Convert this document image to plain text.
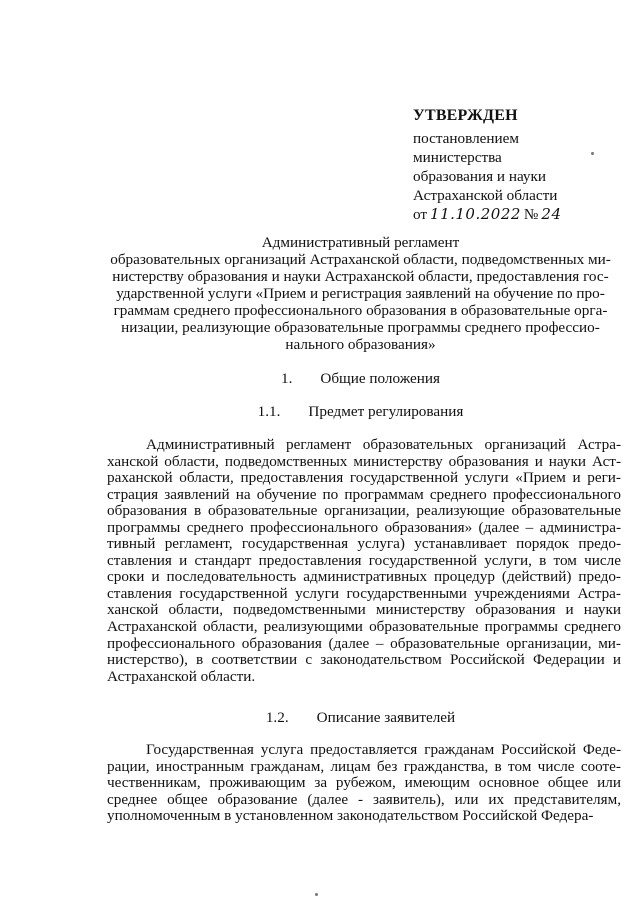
УТВЕРЖДЕН
постановлением
министерства
образования и науки
Астраханской области
от 11.10.2022 № 24
Административный регламент
образовательных организаций Астраханской области, подведомственных ми-
нистерству образования и науки Астраханской области, предоставления гос-
ударственной услуги «Прием и регистрация заявлений на обучение по про-
граммам среднего профессионального образования в образовательные орга-
низации, реализующие образовательные программы среднего профессио-
нального образования»
1. Общие положения
1.1. Предмет регулирования
Административный регламент образовательных организаций Астра-
ханской области, подведомственных министерству образования и науки Аст-
раханской области, предоставления государственной услуги «Прием и реги-
страция заявлений на обучение по программам среднего профессионального
образования в образовательные организации, реализующие образовательные
программы среднего профессионального образования» (далее – администра-
тивный регламент, государственная услуга) устанавливает порядок предо-
ставления и стандарт предоставления государственной услуги, в том числе
сроки и последовательность административных процедур (действий) предо-
ставления государственной услуги государственными учреждениями Астра-
ханской области, подведомственными министерству образования и науки
Астраханской области, реализующими образовательные программы среднего
профессионального образования (далее – образовательные организации, ми-
нистерство), в соответствии с законодательством Российской Федерации и
Астраханской области.
1.2. Описание заявителей
Государственная услуга предоставляется гражданам Российской Феде-
рации, иностранным гражданам, лицам без гражданства, в том числе соотe-
чественникам, проживающим за рубежом, имеющим основное общее или
среднее общее образование (далее - заявитель), или их представителям,
уполномоченным в установленном законодательством Российской Федера-
